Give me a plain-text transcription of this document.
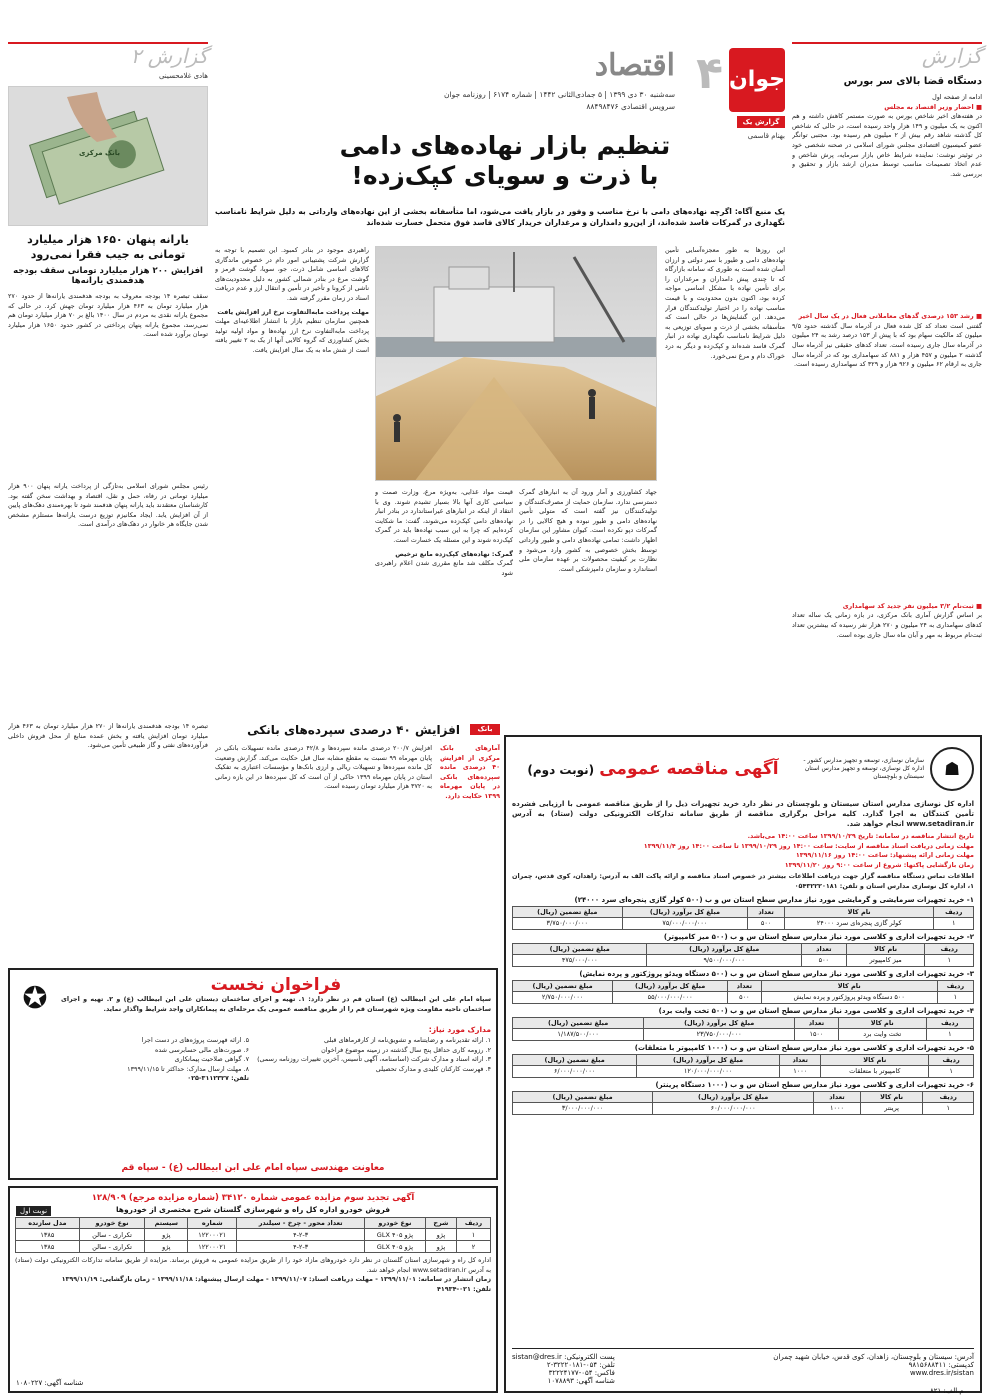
جوان
۴
اقتصاد
سه‌شنبه ۳۰ دی ۱۳۹۹ | ۵ جمادی‌الثانی ۱۴۴۲ | شماره ۶۱۷۴ | روزنامه جوان
سرویس اقتصادی ۸۸۴۹۸۴۷۶
گزارش
دستگاه قضا بالای سر بورس
ادامه از صفحه اول
■ احضار وزیر اقتصاد به مجلس
در هفته‌های اخیر شاخص بورس به صورت مستمر کاهش داشته و هم اکنون به یک میلیون و ۱۴۹ هزار واحد رسیده است، در حالی که شاخص کل گذشته شاهد رقم بیش از ۲ میلیون هم رسیده بود. مجتبی توانگر عضو کمیسیون اقتصادی مجلس شورای اسلامی در صحنه شخصی خود در توئیتر نوشت: نماینده شرایط خاص بازار سرمایه، پرش شاخص و عدم اتخاذ تصمیمات مناسب توسط مدیران ارشد بازار و تحقیق و بررسی شد.
■ رشد ۱۵۳ درصدی گدهای معاملاتی فعال در یک سال اخیر
گفتنی است تعداد کد کل شده فعال در آذرماه سال گذشته حدود ۹/۵ میلیون کد مالکیت سهام بود که با پیش از ۱۵۳ درصد رشد به ۲۴ میلیون در آذرماه سال جاری رسیده است. تعداد کدهای حقیقی نیز آذرماه سال گذشته ۲ میلیون و ۴۵۷ هزار و ۸۸۱ کد سهامداری بود که در آذرماه سال جاری به ارقام ۶۲ میلیون و ۹۲۶ هزار و ۳۲۹ کد سهامداری رسیده است.
■ ثبت‌نام ۳/۲ میلیون نفر جدید کد سهامداری
بر اساس گزارش آماری بانک مرکزی، در بازه زمانی یک ساله تعداد کدهای سهامداری به ۲۴ میلیون و ۲۷۰ هزار نفر رسیده که بیشترین تعداد ثبت‌نام مربوط به مهر و آبان ماه سال جاری بوده است.
گزارش یک
بهنام قاسمی
تنظیم بازار نهاده‌های دامی
با ذرت و سویای کپک‌زده!
یک منبع آگاه: اگرچه نهاده‌های دامی با نرخ مناسب و وفور در بازار یافت می‌شود، اما متأسفانه بخشی از این نهاده‌های وارداتی به دلیل شرایط نامناسب نگهداری در گمرکات فاسد شده‌اند، از این‌رو دامداران و مرغداران خریدار کالای فاسد فوق متحمل خسارت شده‌اند
این روزها به طور معجزه‌آسایی تأمین نهاده‌های دامی و طیور با سیر دولتی و ارزان آسان شده است به طوری که سامانه بازارگاه که تا چندی پیش دامداران و مرغداران را برای تأمین نهاده با مشکل اساسی مواجه کرده بود، اکنون بدون محدودیت و با قیمت مناسب نهاده را در اختیار تولیدکنندگان قرار می‌دهد. این گشایش‌ها در حالی است که متأسفانه بخشی از ذرت و سویای توزیعی به دلیل شرایط نامناسب نگهداری نهاده در انبار گمرک فاسد شده‌اند و کپک‌زده و دیگر به درد خوراک دام و مرغ نمی‌خورد.
جهاد کشاورزی و آمار ورود آن به انبارهای گمرک دسترسی ندارد. سازمان حمایت از مصرف‌کنندگان و تولیدکنندگان نیز گفته است که متولی تأمین نهاده‌های دامی و طیور نبوده و هیچ کالایی را در گمرکات دپو نکرده است. کیوان مشاور این سازمان اظهار داشت: تمامی نهاده‌های دامی و طیور وارداتی توسط بخش خصوصی به کشور وارد می‌شود و نظارت بر کیفیت محصولات بر عهده سازمان ملی استاندارد و سازمان دامپزشکی است.
قیمت مواد غذایی، به‌ویژه مرغ، وزارت صمت و سیاسی کاری آنها بالا بسیار تشیدم شوند. وی با انتقاد از اینکه در انبارهای غیراستاندارد در بنادر انبار نهاده‌های دامی کپک‌زده می‌شوند، گفت: ما شکایت کرده‌ایم که چرا به این سبب نهاده‌ها باید در گمرک کپک‌زده شوند و این مسئله یک خسارت است.
گمرک: نهاده‌های کپک‌زده مانع ترخیص
گمرک مکلف شد مانع مقرری شدن اعلام راهبردی شود
راهبردی موجود در بنادر کمبود. این تصمیم با توجه به گزارش شرکت پشتیبانی امور دام در خصوص ماندگاری کالاهای اساسی شامل ذرت، جو، سویا، گوشت قرمز و گوشت مرغ در بنادر شمالی کشور به دلیل محدودیت‌های ناشی از کرونا و تأخیر در تأمین و انتقال ارز و عدم دریافت اسناد در زمان مقرر گرفته شد.
مهلت پرداخت مابه‌التفاوت نرخ ارز افزایش یافت
همچنین سازمان تنظیم بازار با انتشار اطلاعیه‌ای مهلت پرداخت مابه‌التفاوت نرخ ارز نهاده‌ها و مواد اولیه تولید بخش کشاورزی که گروه کالایی آنها از یک به ۲ تغییر یافته است از شش ماه به یک سال افزایش یافت.
بانک
افزایش ۴۰ درصدی سپرده‌های بانکی
آمارهای بانک مرکزی از افزایش ۴۰ درصدی مانده سپرده‌های بانکی در پایان مهرماه ۱۳۹۹ حکایت دارد.
افزایش ۲۰۰/۷ درصدی مانده سپرده‌ها و ۴۲/۸ درصدی مانده تسهیلات بانکی در پایان مهرماه ۹۹ نسبت به مقطع مشابه سال قبل حکایت می‌کند. گزارش وضعیت کل مانده سپرده‌ها و تسهیلات ریالی و ارزی بانک‌ها و مؤسسات اعتباری به تفکیک استان در پایان مهرماه ۱۳۹۹ حاکی از آن است که کل سپرده‌ها در این بازه زمانی به ۳۷۲۰ هزار میلیارد تومان رسیده است.
گزارش ۲
هادی غلامحسینی
بانک مرکزی
یارانه پنهان ۱۶۵۰ هزار میلیارد تومانی به جیب فقرا نمی‌رود
افزایش ۲۰۰ هزار میلیارد تومانی سقف بودجه هدفمندی یارانه‌ها
سقف تبصره ۱۴ بودجه معروف به بودجه هدفمندی یارانه‌ها از حدود ۲۷۰ هزار میلیارد تومان به ۴۶۳ هزار میلیارد تومان جهش کرد. در حالی که مجموع یارانه نقدی به مردم در سال ۱۴۰۰ بالغ بر ۷۰ هزار میلیارد تومان هم نمی‌رسد، مجموع یارانه پنهان پرداختی در کشور حدود ۱۶۵۰ هزار میلیارد تومان برآورد شده است.
رئیس مجلس شورای اسلامی به‌تازگی از پرداخت یارانه پنهان ۹۰۰ هزار میلیارد تومانی در رفاه، حمل و نقل، اقتصاد و بهداشت سخن گفته بود. کارشناسان معتقدند باید یارانه پنهان هدفمند شود تا بهره‌مندی دهک‌های پایین از آن افزایش یابد. ایجاد مکانیزم توزیع درست یارانه‌ها مستلزم مشخص شدن جایگاه هر خانوار در دهک‌های درآمدی است.
تبصره ۱۴ بودجه هدفمندی یارانه‌ها از ۲۷۰ هزار میلیارد تومان به ۴۶۳ هزار میلیارد تومان افزایش یافته و بخش عمده منابع از محل فروش داخلی فرآورده‌های نفتی و گاز طبیعی تأمین می‌شود.
☗
سازمان نوسازی، توسعه و تجهیز مدارس کشور - اداره کل نوسازی، توسعه و تجهیز مدارس استان سیستان و بلوچستان
آگهی مناقصه عمومی (نوبت دوم)
اداره کل نوسازی مدارس استان سیستان و بلوچستان در نظر دارد خرید تجهیزات ذیل را از طریق مناقصه عمومی با ارزیابی فشرده تأمین کنندگان به اجرا گذارد. کلیه مراحل برگزاری مناقصه از طریق سامانه تدارکات الکترونیکی دولت (ستاد) به آدرس www.setadiran.ir انجام خواهد شد.
تاریخ انتشار مناقصه در سامانه: تاریخ ۱۳۹۹/۱۰/۲۹ ساعت ۱۴:۰۰ می‌باشد.
مهلت زمانی دریافت اسناد مناقصه از سایت: ساعت ۱۴:۰۰ روز ۱۳۹۹/۱۰/۲۹ تا ساعت ۱۴:۰۰ روز ۱۳۹۹/۱۱/۴
مهلت زمانی ارائه پیشنهاد: ساعت ۱۴:۰۰ روز ۱۳۹۹/۱۱/۱۶
زمان بازگشایی پاکتها: شروع از ساعت ۹:۰۰ روز ۱۳۹۹/۱۱/۲۰
اطلاعات تماس دستگاه مناقصه گزار جهت دریافت اطلاعات بیشتر در خصوص اسناد مناقصه و ارائه پاکت الف به آدرس: زاهدان، کوی قدس، چمران ۱، اداره کل نوسازی مدارس استان و تلفن: ۰۵۴۳۲۲۲۰۱۸۱
۱- خرید تجهیزات سرمایشی و گرمایشی مورد نیاز مدارس سطح استان س و ب (۵۰۰ کولر گازی پنجره‌ای سرد ۲۴۰۰۰)
ردیف	نام کالا	تعداد	مبلغ کل برآورد (ریال)	مبلغ تضمین (ریال)
۱	کولر گازی پنجره‌ای سرد ۲۴۰۰۰	۵۰۰	۷۵/۰۰۰/۰۰۰/۰۰۰	۳/۷۵۰/۰۰۰/۰۰۰
۲- خرید تجهیزات اداری و کلاسی مورد نیاز مدارس سطح استان س و ب (۵۰۰ میز کامپیوتر)
ردیف	نام کالا	تعداد	مبلغ کل برآورد (ریال)	مبلغ تضمین (ریال)
۱	میز کامپیوتر	۵۰۰	۹/۵۰۰/۰۰۰/۰۰۰	۴۷۵/۰۰۰/۰۰۰
۳- خرید تجهیزات اداری و کلاسی مورد نیاز مدارس سطح استان س و ب (۵۰۰ دستگاه ویدئو پروژکتور و پرده نمایش)
ردیف	نام کالا	تعداد	مبلغ کل برآورد (ریال)	مبلغ تضمین (ریال)
۱	۵۰۰ دستگاه ویدئو پروژکتور و پرده نمایش	۵۰۰	۵۵/۰۰۰/۰۰۰/۰۰۰	۲/۷۵۰/۰۰۰/۰۰۰
۴- خرید تجهیزات اداری و کلاسی مورد نیاز مدارس سطح استان س و ب (۵۰۰ تخت وایت برد)
ردیف	نام کالا	تعداد	مبلغ کل برآورد (ریال)	مبلغ تضمین (ریال)
۱	تخت وایت برد	۱۵۰۰	۲۳/۷۵۰/۰۰۰/۰۰۰	۱/۱۸۷/۵۰۰/۰۰۰
۵- خرید تجهیزات اداری و کلاسی مورد نیاز مدارس سطح استان س و ب (۱۰۰۰ کامپیوتر با متعلقات)
ردیف	نام کالا	تعداد	مبلغ کل برآورد (ریال)	مبلغ تضمین (ریال)
۱	کامپیوتر با متعلقات	۱۰۰۰	۱۲۰/۰۰۰/۰۰۰/۰۰۰	۶/۰۰۰/۰۰۰/۰۰۰
۶- خرید تجهیزات اداری و کلاسی مورد نیاز مدارس سطح استان س و ب (۱۰۰۰ دستگاه پرینتر)
ردیف	نام کالا	تعداد	مبلغ کل برآورد (ریال)	مبلغ تضمین (ریال)
۱	پرینتر	۱۰۰۰	۶۰/۰۰۰/۰۰۰/۰۰۰	۳/۰۰۰/۰۰۰/۰۰۰
آدرس: سیستان و بلوچستان، زاهدان، کوی قدس، خیابان شهید چمران
کدپستی: ۹۸۱۵۶۸۸۴۱۱
www.dres.ir/sistan
پست الکترونیکی: sistan@dres.ir
تلفن: ۰۵۴-۳۲۲۲۰۱۸۱-۲
فاکس: ۰۵۴-۳۲۲۲۴۱۷۷
شناسه آگهی: ۱۰۷۸۸۹۳
م الف: ۸۲۱
فراخوان نخست
سپاه امام علی ابن ابیطالب (ع) استان قم در نظر دارد: ۱. تهیه و اجرای ساختمان دبستان علی ابن ابیطالب (ع) و ۲. تهیه و اجرای ساختمان ناحیه مقاومت ویژه شهرستان قم را از طریق مناقصه عمومی یک مرحله‌ای به پیمانکاران واجد شرایط واگذار نماید.
✪
مدارک مورد نیاز:
۱. ارائه تقدیرنامه و رضایتنامه و تشویق‌نامه از کارفرماهای قبلی
۲. رزومه کاری حداقل پنج سال گذشته در زمینه موضوع فراخوان
۳. ارائه اسناد و مدارک شرکت (اساسنامه، آگهی تأسیس، آخرین تغییرات روزنامه رسمی)
۴. فهرست کارکنان کلیدی و مدارک تحصیلی
۵. ارائه فهرست پروژه‌های در دست اجرا
۶. صورت‌های مالی حسابرسی شده
۷. گواهی صلاحیت پیمانکاری
۸. مهلت ارسال مدارک: حداکثر تا ۱۳۹۹/۱۱/۱۵
تلفن: ۳۱۱۲۳۲۷-۰۲۵
معاونت مهندسی سپاه امام علی ابن ابیطالب (ع) - سپاه قم
آگهی تجدید سوم مزایده عمومی شماره ۳۴۱۲۰ (شماره مزایده مرجع) ۱۲۸/۹۰۹
فروش خودرو اداره کل راه و شهرسازی گلستان شرح مختصری از خودروها
نوبت اول
ردیف	شرح	نوع خودرو	تعداد محور - چرخ - سیلندر	شماره	سیستم	نوع خودرو	مدل سازنده
۱	پژو	پژو ۴۰۵ GLX	۴-۲-۳	۱۲۲۰۰۰۲۱	پژو	تکراری - سالن	۱۳۸۵
۲	پژو	پژو ۴۰۵ GLX	۴-۲-۳	۱۲۲۰۰۰۲۱	پژو	تکراری - سالن	۱۳۸۵
اداره کل راه و شهرسازی استان گلستان در نظر دارد خودروهای مازاد خود را از طریق مزایده عمومی به فروش برساند. مزایده از طریق سامانه تدارکات الکترونیکی دولت (ستاد) به آدرس www.setadiran.ir انجام خواهد شد.
زمان انتشار در سامانه: ۱۳۹۹/۱۱/۰۱ - مهلت دریافت اسناد: ۱۳۹۹/۱۱/۰۷ - مهلت ارسال پیشنهاد: ۱۳۹۹/۱۱/۱۸ - زمان بازگشایی: ۱۳۹۹/۱۱/۱۹
تلفن: ۰۲۱-۴۱۹۳۴
شناسه آگهی: ۱۰۸۰۲۲۷
